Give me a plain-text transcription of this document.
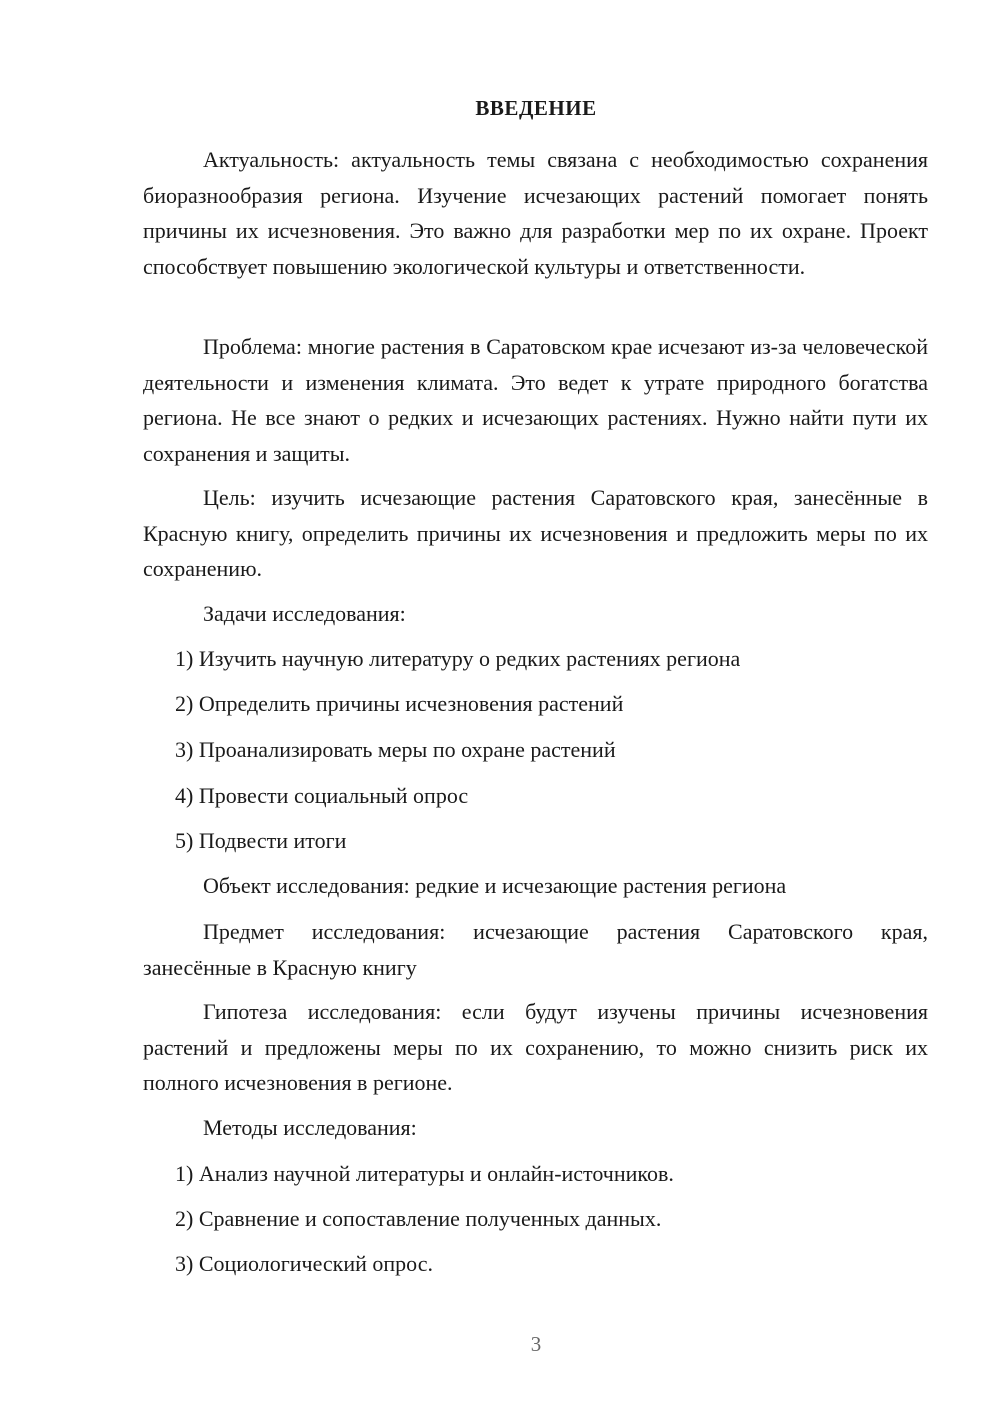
ВВЕДЕНИЕ

Актуальность: актуальность темы связана с необходимостью сохранения биоразнообразия региона. Изучение исчезающих растений помогает понять причины их исчезновения. Это важно для разработки мер по их охране. Проект способствует повышению экологической культуры и ответственности.

Проблема: многие растения в Саратовском крае исчезают из-за человеческой деятельности и изменения климата. Это ведет к утрате природного богатства региона. Не все знают о редких и исчезающих растениях. Нужно найти пути их сохранения и защиты.

Цель: изучить исчезающие растения Саратовского края, занесённые в Красную книгу, определить причины их исчезновения и предложить меры по их сохранению.

Задачи исследования:

1) Изучить научную литературу о редких растениях региона
2) Определить причины исчезновения растений
3) Проанализировать меры по охране растений
4) Провести социальный опрос
5) Подвести итоги

Объект исследования: редкие и исчезающие растения региона

Предмет исследования: исчезающие растения Саратовского края, занесённые в Красную книгу

Гипотеза исследования: если будут изучены причины исчезновения растений и предложены меры по их сохранению, то можно снизить риск их полного исчезновения в регионе.

Методы исследования:

1) Анализ научной литературы и онлайн-источников.
2) Сравнение и сопоставление полученных данных.
3) Социологический опрос.
3
